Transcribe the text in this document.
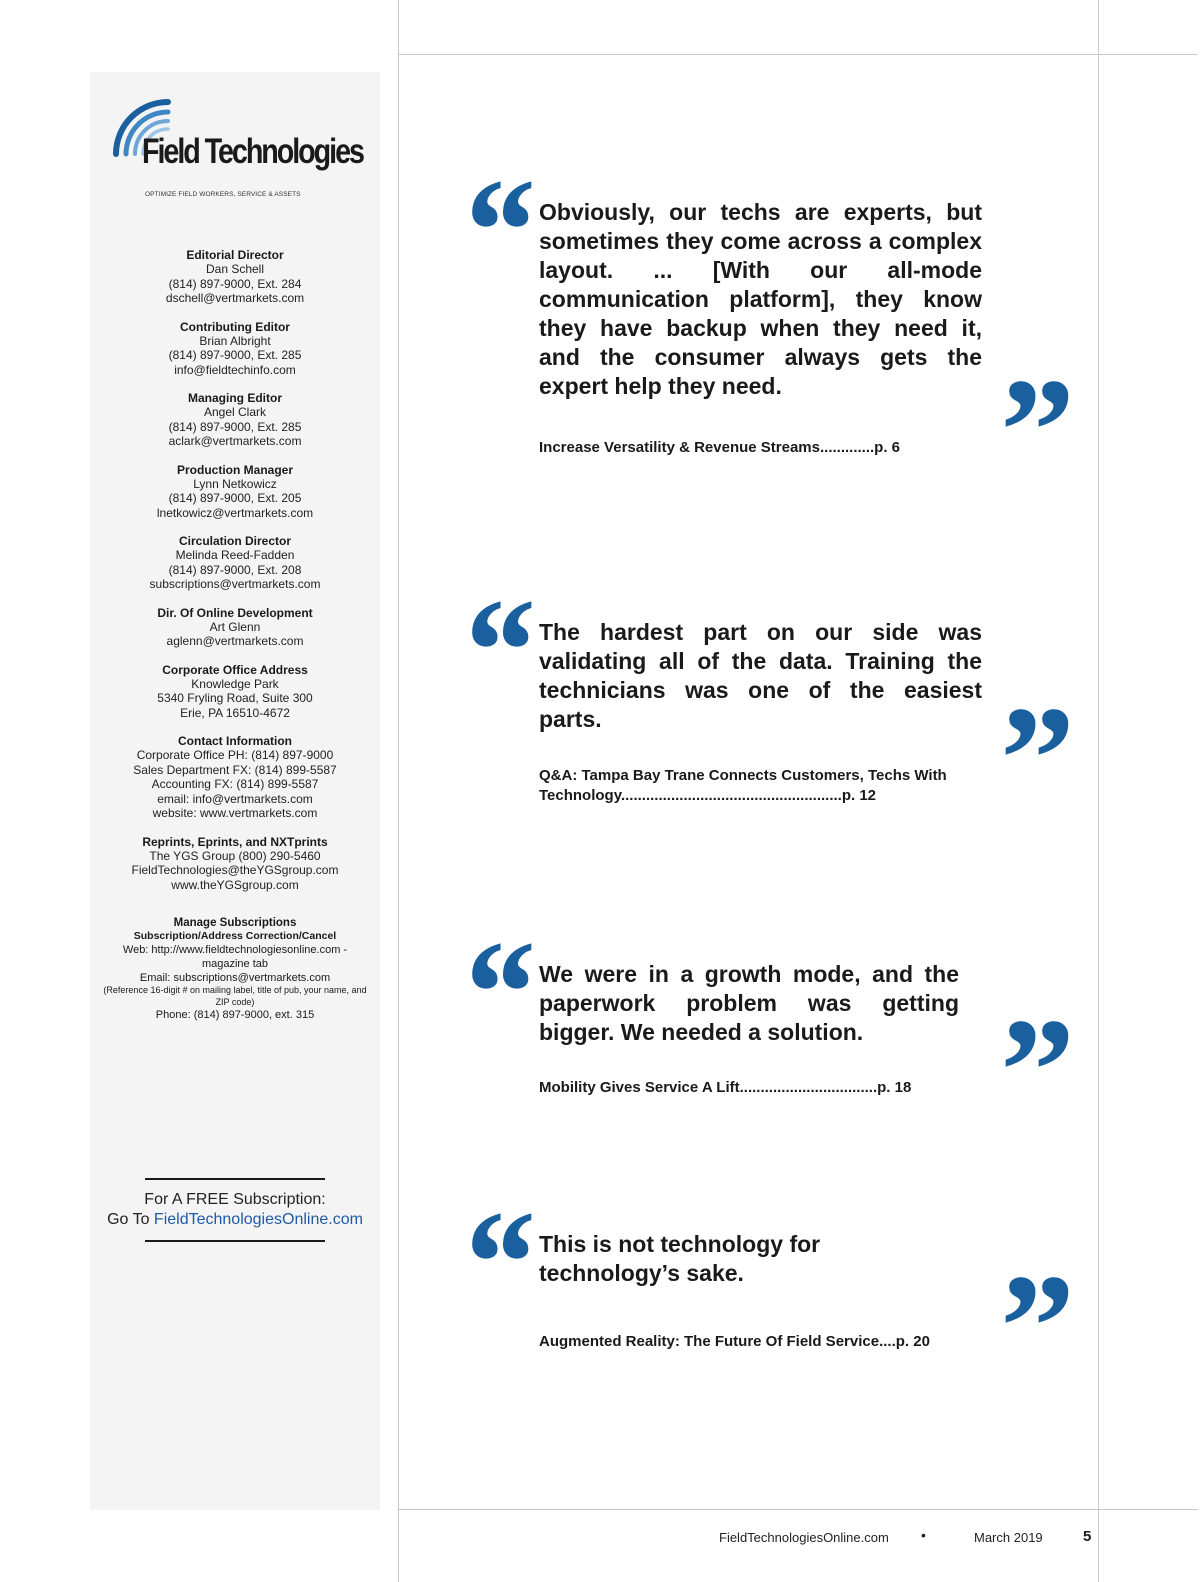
Field Technologies
OPTIMIZE FIELD WORKERS, SERVICE & ASSETS
Editorial Director
Dan Schell
(814) 897-9000, Ext. 284
dschell@vertmarkets.com
Contributing Editor
Brian Albright
(814) 897-9000, Ext. 285
info@fieldtechinfo.com
Managing Editor
Angel Clark
(814) 897-9000, Ext. 285
aclark@vertmarkets.com
Production Manager
Lynn Netkowicz
(814) 897-9000, Ext. 205
lnetkowicz@vertmarkets.com
Circulation Director
Melinda Reed-Fadden
(814) 897-9000, Ext. 208
subscriptions@vertmarkets.com
Dir. Of Online Development
Art Glenn
aglenn@vertmarkets.com
Corporate Office Address
Knowledge Park
5340 Fryling Road, Suite 300
Erie, PA 16510-4672
Contact Information
Corporate Office PH: (814) 897-9000
Sales Department FX: (814) 899-5587
Accounting FX: (814) 899-5587
email: info@vertmarkets.com
website: www.vertmarkets.com
Reprints, Eprints, and NXTprints
The YGS Group (800) 290-5460
FieldTechnologies@theYGSgroup.com
www.theYGSgroup.com
Manage Subscriptions
Subscription/Address Correction/Cancel
Web: http://www.fieldtechnologiesonline.com - magazine tab
Email: subscriptions@vertmarkets.com
(Reference 16-digit # on mailing label, title of pub, your name, and ZIP code)
Phone: (814) 897-9000, ext. 315
For A FREE Subscription:
Go To FieldTechnologiesOnline.com
“ Obviously, our techs are experts, but sometimes they come across a complex layout. ... [With our all-mode communication platform], they know they have backup when they need it, and the consumer always gets the expert help they need.	”
Increase Versatility & Revenue Streams.............p. 6
“ The hardest part on our side was validating all of the data. Training the technicians was one of the easiest parts.	”
Q&A: Tampa Bay Trane Connects Customers, Techs With Technology.....................................................p. 12
“ We were in a growth mode, and the paperwork problem was getting bigger. We needed a solution. ”
Mobility Gives Service A Lift.................................p. 18
“ This is not technology for technology’s sake.	”
Augmented Reality: The Future Of Field Service....p. 20
FieldTechnologiesOnline.com •	March 2019	5
